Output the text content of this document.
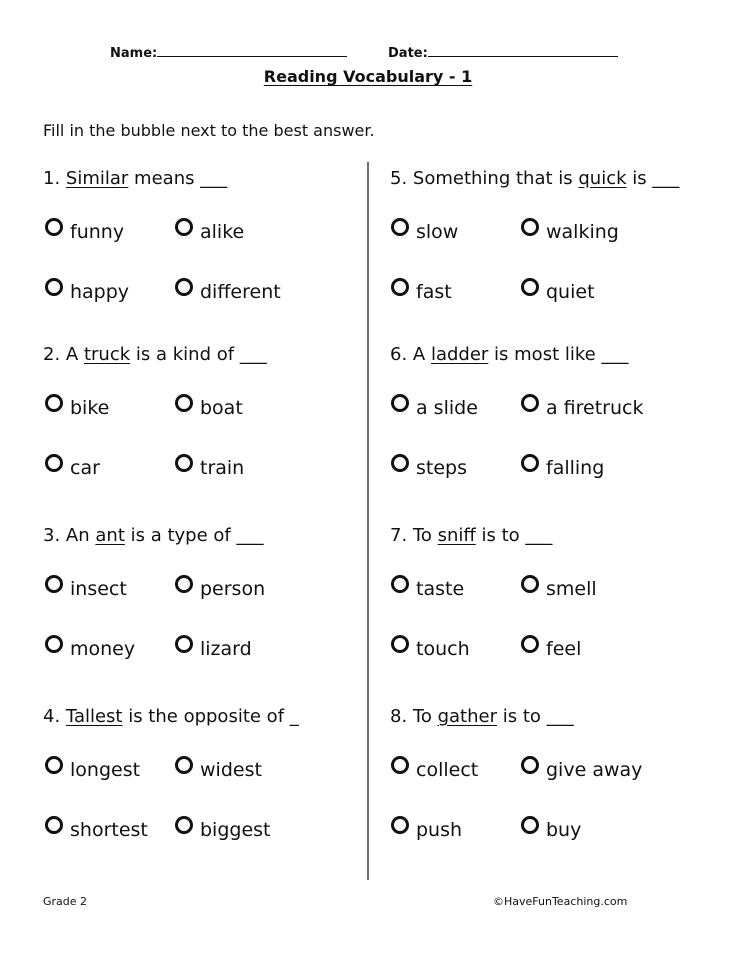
Name:	Date:
Reading Vocabulary - 1
Fill in the bubble next to the best answer.
1. Similar means ___
funny	alike
happy	different
2. A truck is a kind of ___
bike	boat
car	train
3. An ant is a type of ___
insect	person
money	lizard
4. Tallest is the opposite of _
longest	widest
shortest	biggest
5. Something that is quick is ___
slow	walking
fast	quiet
6. A ladder is most like ___
a slide	a firetruck
steps	falling
7. To sniff is to ___
taste	smell
touch	feel
8. To gather is to ___
collect	give away
push	buy
Grade 2	©HaveFunTeaching.com
